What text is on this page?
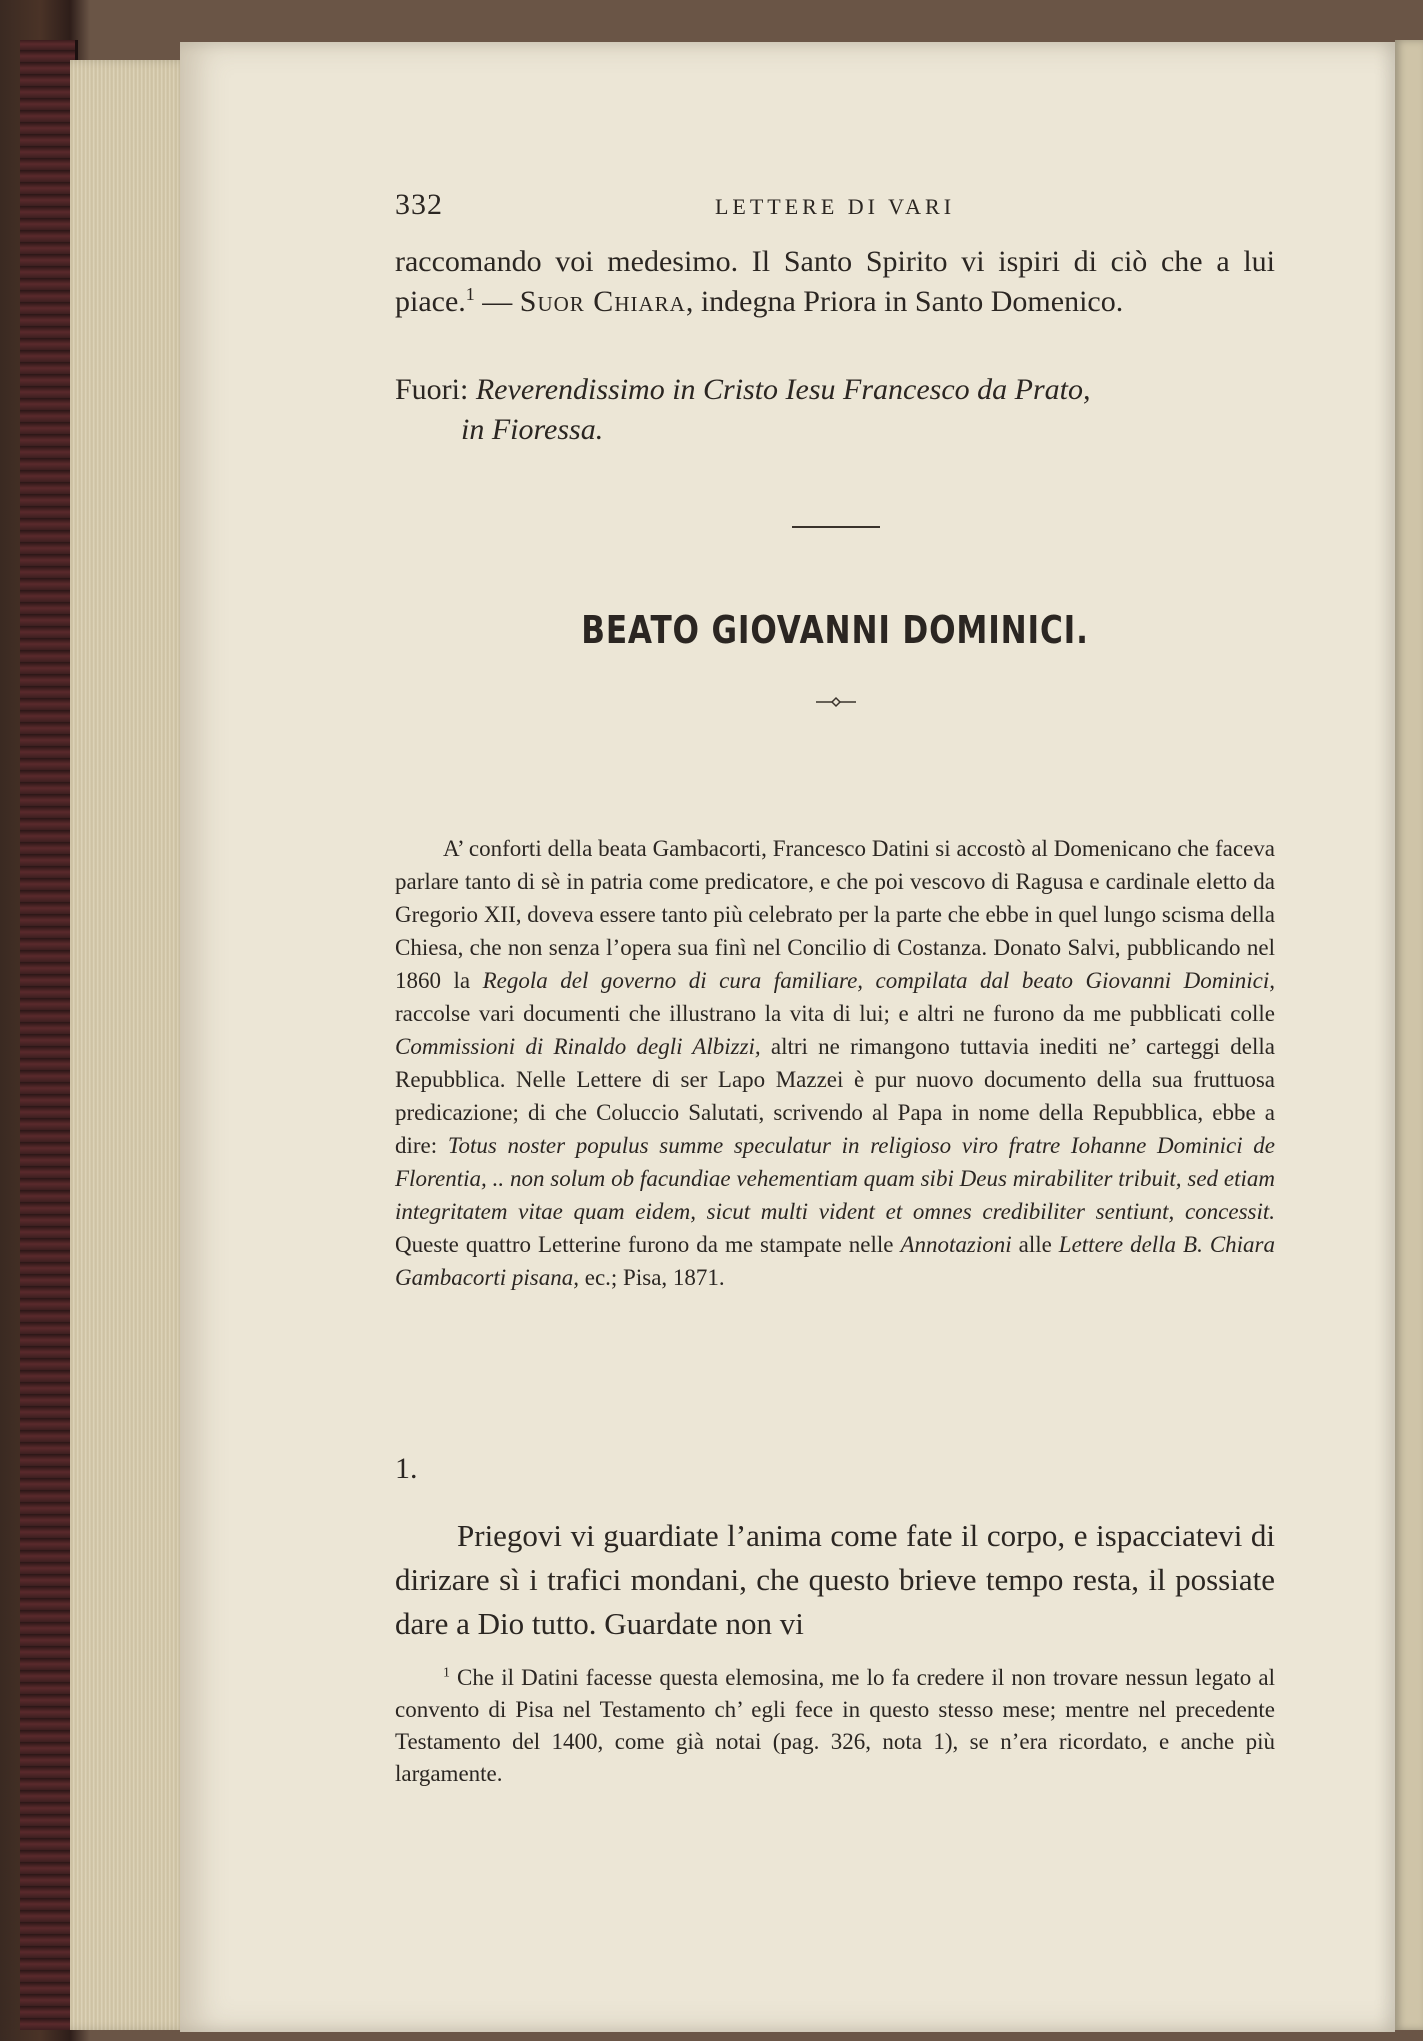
332	LETTERE DI VARI
raccomando voi medesimo. Il Santo Spirito vi ispiri di ciò che a lui piace.$^1$ — Suor Chiara, indegna Priora in Santo Domenico.
Fuori: Reverendissimo in Cristo Iesu Francesco da Prato,
in Fioressa.
BEATO GIOVANNI DOMINICI.

A’ conforti della beata Gambacorti, Francesco Datini si accostò al Domenicano che faceva parlare tanto di sè in patria come predicatore, e che poi vescovo di Ragusa e cardinale eletto da Gregorio XII, doveva essere tanto più celebrato per la parte che ebbe in quel lungo scisma della Chiesa, che non senza l’opera sua finì nel Concilio di Costanza. Donato Salvi, pubblicando nel 1860 la Regola del governo di cura familiare, compilata dal beato Giovanni Dominici, raccolse vari documenti che illustrano la vita di lui; e altri ne furono da me pubblicati colle Commissioni di Rinaldo degli Albizzi, altri ne rimangono tuttavia inediti ne’ carteggi della Repubblica. Nelle Lettere di ser Lapo Mazzei è pur nuovo documento della sua fruttuosa predicazione; di che Coluccio Salutati, scrivendo al Papa in nome della Repubblica, ebbe a dire: Totus noster populus summe speculatur in religioso viro fratre Iohanne Dominici de Florentia, .. non solum ob facundiae vehementiam quam sibi Deus mirabiliter tribuit, sed etiam integritatem vitae quam eidem, sicut multi vident et omnes credibiliter sentiunt, concessit. Queste quattro Letterine furono da me stampate nelle Annotazioni alle Lettere della B. Chiara Gambacorti pisana, ec.; Pisa, 1871.

1.

Priegovi vi guardiate l’anima come fate il corpo, e ispacciatevi di dirizare sì i trafici mondani, che questo brieve tempo resta, il possiate dare a Dio tutto. Guardate non vi

$^1$ Che il Datini facesse questa elemosina, me lo fa credere il non trovare nessun legato al convento di Pisa nel Testamento ch’ egli fece in questo stesso mese; mentre nel precedente Testamento del 1400, come già notai (pag. 326, nota 1), se n’era ricordato, e anche più largamente.
